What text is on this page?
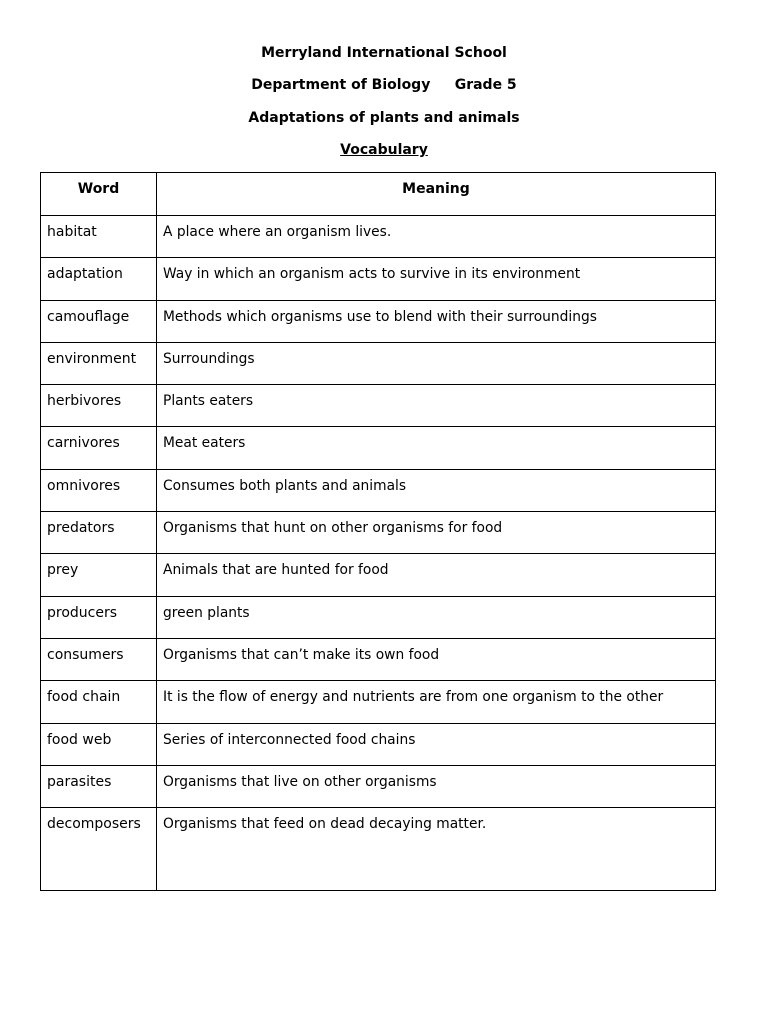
Merryland International School
Department of Biology     Grade 5
Adaptations of plants and animals
Vocabulary
Word	Meaning
habitat	A place where an organism lives.
adaptation	Way in which an organism acts to survive in its environment
camouflage	Methods which organisms use to blend with their surroundings
environment	Surroundings
herbivores	Plants eaters
carnivores	Meat eaters
omnivores	Consumes both plants and animals
predators	Organisms that hunt on other organisms for food
prey	Animals that are hunted for food
producers	green plants
consumers	Organisms that can’t make its own food
food chain	It is the flow of energy and nutrients are from one organism to the other
food web	Series of interconnected food chains
parasites	Organisms that live on other organisms
decomposers	Organisms that feed on dead decaying matter.
